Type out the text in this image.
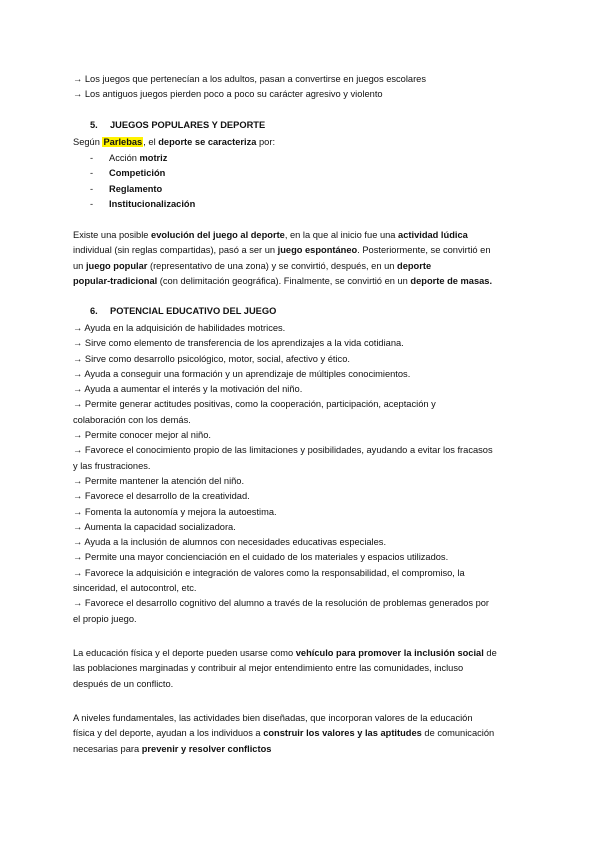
→ Los juegos que pertenecían a los adultos, pasan a convertirse en juegos escolares
→ Los antiguos juegos pierden poco a poco su carácter agresivo y violento
5. JUEGOS POPULARES Y DEPORTE
Según Parlebas, el deporte se caracteriza por:
- Acción motriz
- Competición
- Reglamento
- Institucionalización
Existe una posible evolución del juego al deporte, en la que al inicio fue una actividad lúdica
individual (sin reglas compartidas), pasó a ser un juego espontáneo. Posteriormente, se convirtió en
un juego popular (representativo de una zona) y se convirtió, después, en un deporte
popular-tradicional (con delimitación geográfica). Finalmente, se convirtió en un deporte de masas.
6. POTENCIAL EDUCATIVO DEL JUEGO
→ Ayuda en la adquisición de habilidades motrices.
→ Sirve como elemento de transferencia de los aprendizajes a la vida cotidiana.
→ Sirve como desarrollo psicológico, motor, social, afectivo y ético.
→ Ayuda a conseguir una formación y un aprendizaje de múltiples conocimientos.
→ Ayuda a aumentar el interés y la motivación del niño.
→ Permite generar actitudes positivas, como la cooperación, participación, aceptación y
colaboración con los demás.
→ Permite conocer mejor al niño.
→ Favorece el conocimiento propio de las limitaciones y posibilidades, ayudando a evitar los fracasos
y las frustraciones.
→ Permite mantener la atención del niño.
→ Favorece el desarrollo de la creatividad.
→ Fomenta la autonomía y mejora la autoestima.
→ Aumenta la capacidad socializadora.
→ Ayuda a la inclusión de alumnos con necesidades educativas especiales.
→ Permite una mayor concienciación en el cuidado de los materiales y espacios utilizados.
→ Favorece la adquisición e integración de valores como la responsabilidad, el compromiso, la
sinceridad, el autocontrol, etc.
→ Favorece el desarrollo cognitivo del alumno a través de la resolución de problemas generados por
el propio juego.
La educación física y el deporte pueden usarse como vehículo para promover la inclusión social de
las poblaciones marginadas y contribuir al mejor entendimiento entre las comunidades, incluso
después de un conflicto.
A niveles fundamentales, las actividades bien diseñadas, que incorporan valores de la educación
física y del deporte, ayudan a los individuos a construir los valores y las aptitudes de comunicación
necesarias para prevenir y resolver conflictos
